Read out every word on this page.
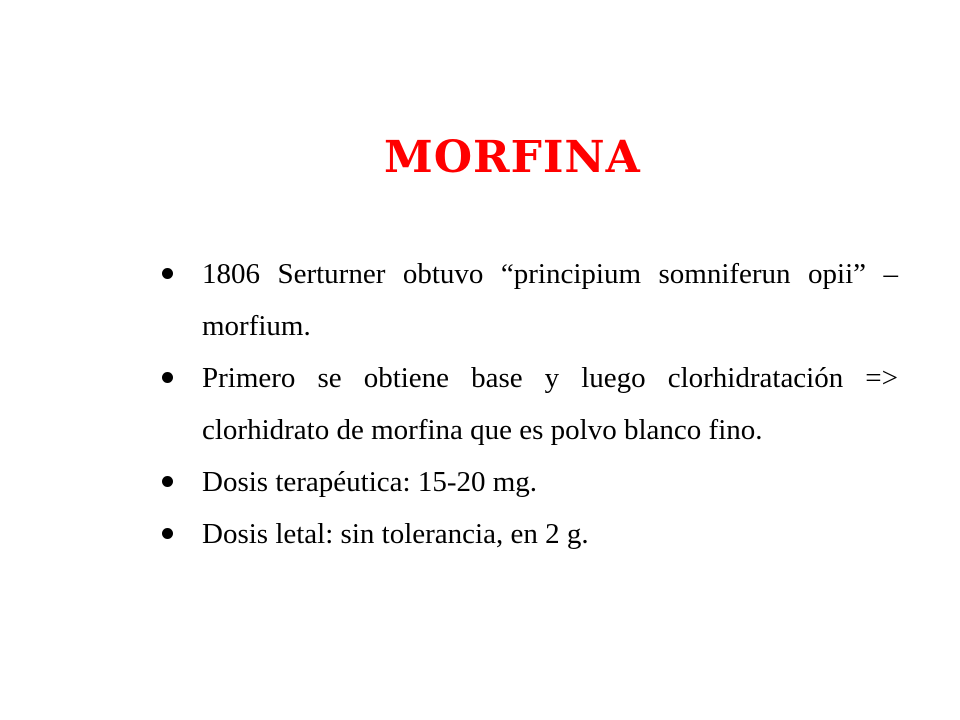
MORFINA
1806 Serturner obtuvo “principium somniferun opii” – morfium.
Primero se obtiene base y luego clorhidratación => clorhidrato de morfina que es polvo blanco fino.
Dosis terapéutica: 15-20 mg.
Dosis letal: sin tolerancia, en 2 g.
